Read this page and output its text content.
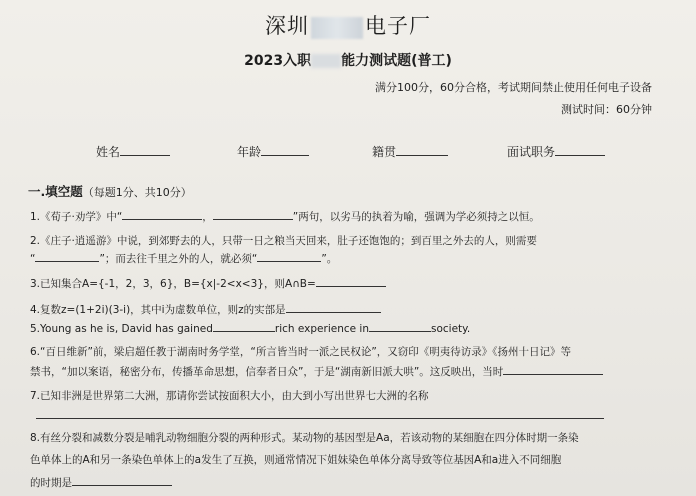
深圳	电子厂
2023入职 能力测试题(普工)
满分100分，60分合格，考试期间禁止使用任何电子设备
测试时间：60分钟
姓名	年龄	籍贯	面试职务
一.填空题（每题1分、共10分）
1.《荀子·劝学》中“	，	”两句，以劣马的执着为喻，强调为学必须持之以恒。
2.《庄子·逍遥游》中说，到郊野去的人，只带一日之粮当天回来，肚子还饱饱的；到百里之外去的人，则需要
“	”；而去往千里之外的人，就必须“	”。
3.已知集合A={-1，2，3，6}，B={x|-2<x<3}，则A∩B=
4.复数z=(1+2i)(3-i)，其中i为虚数单位，则z的实部是
5.Young as he is, David has gained	rich experience in	society.
6.“百日维新”前，梁启超任教于湖南时务学堂，“所言皆当时一派之民权论”，又窃印《明夷待访录》《扬州十日记》等
禁书，“加以案语，秘密分布，传播革命思想，信奉者日众”，于是“湖南新旧派大哄”。这反映出，当时
7.已知非洲是世界第二大洲，那请你尝试按面积大小，由大到小写出世界七大洲的名称
8.有丝分裂和减数分裂是哺乳动物细胞分裂的两种形式。某动物的基因型是Aa，若该动物的某细胞在四分体时期一条染
色单体上的A和另一条染色单体上的a发生了互换，则通常情况下姐妹染色单体分离导致等位基因A和a进入不同细胞
的时期是
